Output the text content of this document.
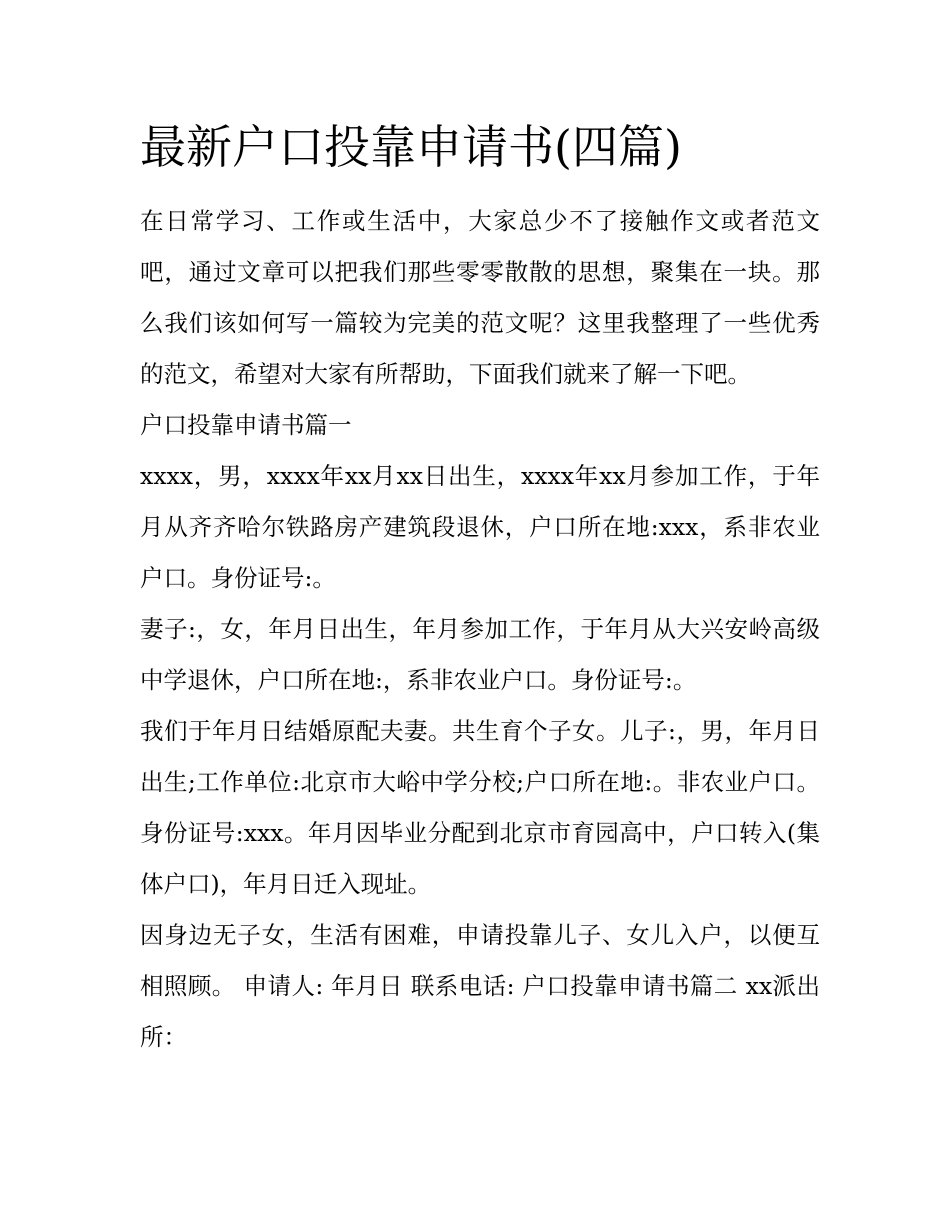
最新户口投靠申请书(四篇)

在日常学习、工作或生活中，大家总少不了接触作文或者范文吧，通过文章可以把我们那些零零散散的思想，聚集在一块。那么我们该如何写一篇较为完美的范文呢？这里我整理了一些优秀的范文，希望对大家有所帮助，下面我们就来了解一下吧。

户口投靠申请书篇一

xxxx，男，xxxx年xx月xx日出生，xxxx年xx月参加工作，于年月从齐齐哈尔铁路房产建筑段退休，户口所在地:xxx，系非农业户口。身份证号:。

妻子:，女，年月日出生，年月参加工作，于年月从大兴安岭高级中学退休，户口所在地:，系非农业户口。身份证号:。

我们于年月日结婚原配夫妻。共生育个子女。儿子:，男，年月日出生;工作单位:北京市大峪中学分校;户口所在地:。非农业户口。身份证号:xxx。年月因毕业分配到北京市育园高中，户口转入(集体户口)，年月日迁入现址。

因身边无子女，生活有困难，申请投靠儿子、女儿入户，以便互相照顾。 申请人: 年月日 联系电话: 户口投靠申请书篇二 xx派出所：
